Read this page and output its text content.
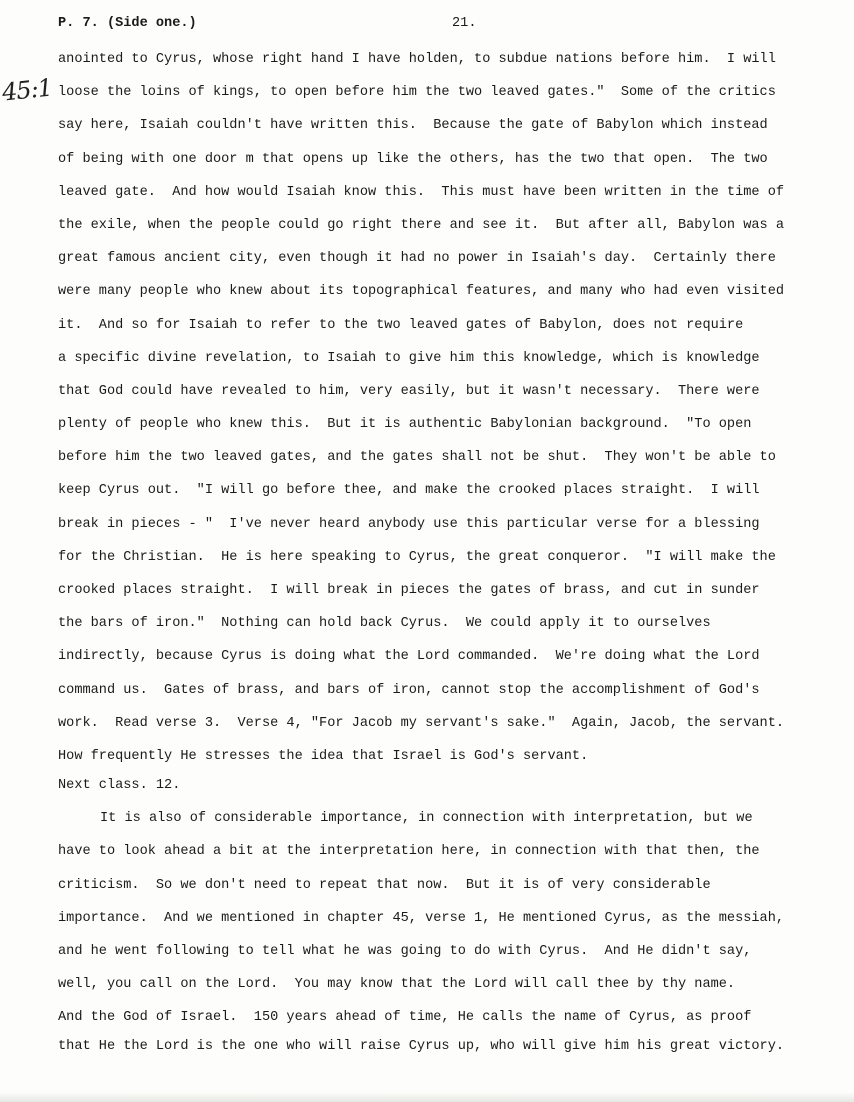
P. 7. (Side one.)	21.
45:1
anointed to Cyrus, whose right hand I have holden, to subdue nations before him.  I will
loose the loins of kings, to open before him the two leaved gates."  Some of the critics
say here, Isaiah couldn't have written this.  Because the gate of Babylon which instead
of being with one door m that opens up like the others, has the two that open.  The two
leaved gate.  And how would Isaiah know this.  This must have been written in the time of
the exile, when the people could go right there and see it.  But after all, Babylon was a
great famous ancient city, even though it had no power in Isaiah's day.  Certainly there
were many people who knew about its topographical features, and many who had even visited
it.  And so for Isaiah to refer to the two leaved gates of Babylon, does not require
a specific divine revelation, to Isaiah to give him this knowledge, which is knowledge
that God could have revealed to him, very easily, but it wasn't necessary.  There were
plenty of people who knew this.  But it is authentic Babylonian background.  "To open
before him the two leaved gates, and the gates shall not be shut.  They won't be able to
keep Cyrus out.  "I will go before thee, and make the crooked places straight.  I will
break in pieces - "  I've never heard anybody use this particular verse for a blessing
for the Christian.  He is here speaking to Cyrus, the great conqueror.  "I will make the
crooked places straight.  I will break in pieces the gates of brass, and cut in sunder
the bars of iron."  Nothing can hold back Cyrus.  We could apply it to ourselves
indirectly, because Cyrus is doing what the Lord commanded.  We're doing what the Lord
command us.  Gates of brass, and bars of iron, cannot stop the accomplishment of God's
work.  Read verse 3.  Verse 4, "For Jacob my servant's sake."  Again, Jacob, the servant.
How frequently He stresses the idea that Israel is God's servant.
Next class. 12.
It is also of considerable importance, in connection with interpretation, but we
have to look ahead a bit at the interpretation here, in connection with that then, the
criticism.  So we don't need to repeat that now.  But it is of very considerable
importance.  And we mentioned in chapter 45, verse 1, He mentioned Cyrus, as the messiah,
and he went following to tell what he was going to do with Cyrus.  And He didn't say,
well, you call on the Lord.  You may know that the Lord will call thee by thy name.
And the God of Israel.  150 years ahead of time, He calls the name of Cyrus, as proof
that He the Lord is the one who will raise Cyrus up, who will give him his great victory.
